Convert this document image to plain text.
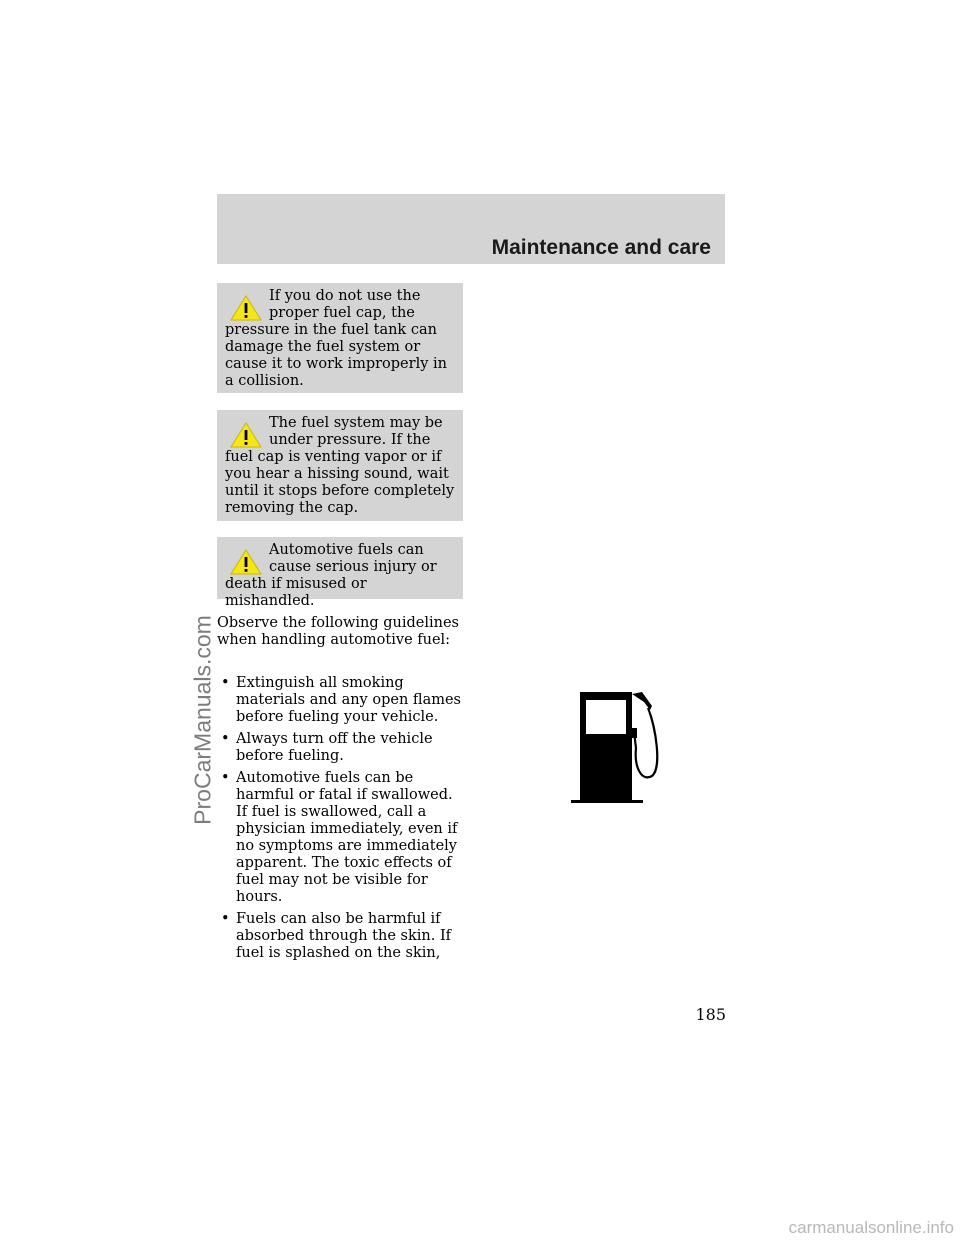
Maintenance and care
If you do not use the proper fuel cap, the pressure in the fuel tank can damage the fuel system or cause it to work improperly in a collision.
The fuel system may be under pressure. If the fuel cap is venting vapor or if you hear a hissing sound, wait until it stops before completely removing the cap.
Automotive fuels can cause serious injury or death if misused or mishandled.

Observe the following guidelines when handling automotive fuel:

• Extinguish all smoking materials and any open flames before fueling your vehicle.
• Always turn off the vehicle before fueling.
• Automotive fuels can be harmful or fatal if swallowed. If fuel is swallowed, call a physician immediately, even if no symptoms are immediately apparent. The toxic effects of fuel may not be visible for hours.
• Fuels can also be harmful if absorbed through the skin. If fuel is splashed on the skin,
185
ProCarManuals.com
carmanualsonline.info
